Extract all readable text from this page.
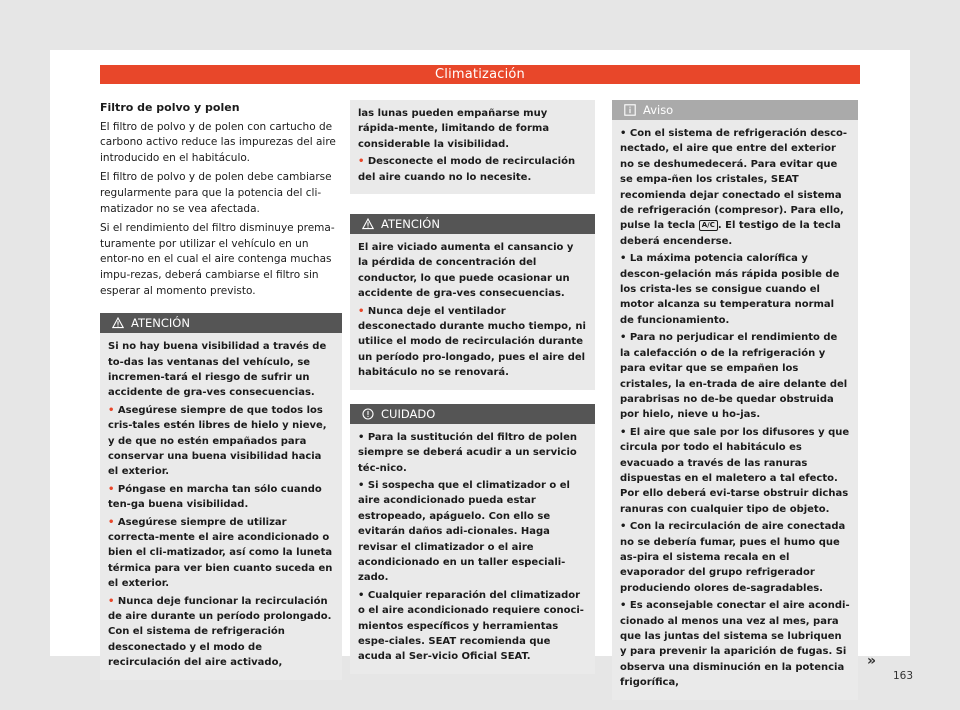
Climatización
Filtro de polvo y polen

El filtro de polvo y de polen con cartucho de carbono activo reduce las impurezas del aire introducido en el habitáculo.

El filtro de polvo y de polen debe cambiarse regularmente para que la potencia del cli-matizador no se vea afectada.

Si el rendimiento del filtro disminuye prema-turamente por utilizar el vehículo en un entor-no en el cual el aire contenga muchas impu-rezas, deberá cambiarse el filtro sin esperar al momento previsto.

ATENCIÓN

Si no hay buena visibilidad a través de to-das las ventanas del vehículo, se incremen-tará el riesgo de sufrir un accidente de gra-ves consecuencias.

• Asegúrese siempre de que todos los cris-tales estén libres de hielo y nieve, y de que no estén empañados para conservar una buena visibilidad hacia el exterior.

• Póngase en marcha tan sólo cuando ten-ga buena visibilidad.

• Asegúrese siempre de utilizar correcta-mente el aire acondicionado o bien el cli-matizador, así como la luneta térmica para ver bien cuanto suceda en el exterior.

• Nunca deje funcionar la recirculación de aire durante un período prolongado. Con el sistema de refrigeración desconectado y el modo de recirculación del aire activado,

las lunas pueden empañarse muy rápida-mente, limitando de forma considerable la visibilidad.

• Desconecte el modo de recirculación del aire cuando no lo necesite.

ATENCIÓN

El aire viciado aumenta el cansancio y la pérdida de concentración del conductor, lo que puede ocasionar un accidente de gra-ves consecuencias.

• Nunca deje el ventilador desconectado durante mucho tiempo, ni utilice el modo de recirculación durante un período pro-longado, pues el aire del habitáculo no se renovará.

CUIDADO

• Para la sustitución del filtro de polen siempre se deberá acudir a un servicio téc-nico.

• Si sospecha que el climatizador o el aire acondicionado pueda estar estropeado, apáguelo. Con ello se evitarán daños adi-cionales. Haga revisar el climatizador o el aire acondicionado en un taller especiali-zado.

• Cualquier reparación del climatizador o el aire acondicionado requiere conoci-mientos específicos y herramientas espe-ciales. SEAT recomienda que acuda al Ser-vicio Oficial SEAT.

Aviso

• Con el sistema de refrigeración desco-nectado, el aire que entre del exterior no se deshumedecerá. Para evitar que se empa-ñen los cristales, SEAT recomienda dejar conectado el sistema de refrigeración (compresor). Para ello, pulse la tecla A/C . El testigo de la tecla deberá encenderse.

• La máxima potencia calorífica y descon-gelación más rápida posible de los crista-les se consigue cuando el motor alcanza su temperatura normal de funcionamiento.

• Para no perjudicar el rendimiento de la calefacción o de la refrigeración y para evitar que se empañen los cristales, la en-trada de aire delante del parabrisas no de-be quedar obstruida por hielo, nieve u ho-jas.

• El aire que sale por los difusores y que circula por todo el habitáculo es evacuado a través de las ranuras dispuestas en el maletero a tal efecto. Por ello deberá evi-tarse obstruir dichas ranuras con cualquier tipo de objeto.

• Con la recirculación de aire conectada no se debería fumar, pues el humo que as-pira el sistema recala en el evaporador del grupo refrigerador produciendo olores de-sagradables.

• Es aconsejable conectar el aire acondi-cionado al menos una vez al mes, para que las juntas del sistema se lubriquen y para prevenir la aparición de fugas. Si observa una disminución en la potencia frigorífica,

»
163
